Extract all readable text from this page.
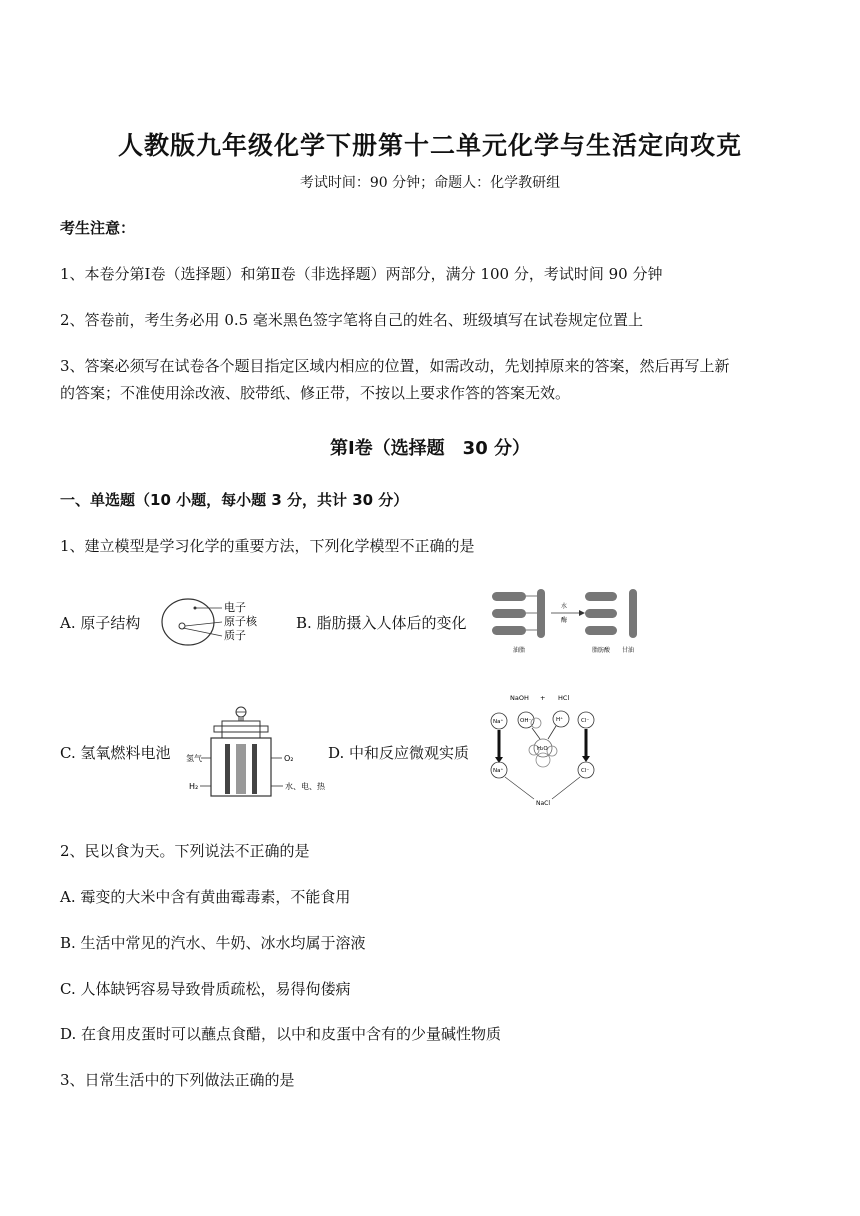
人教版九年级化学下册第十二单元化学与生活定向攻克
考试时间：90 分钟；命题人：化学教研组
考生注意：
1、本卷分第Ⅰ卷（选择题）和第Ⅱ卷（非选择题）两部分，满分 100 分，考试时间 90 分钟
2、答卷前，考生务必用 0.5 毫米黑色签字笔将自己的姓名、班级填写在试卷规定位置上
3、答案必须写在试卷各个题目指定区域内相应的位置，如需改动，先划掉原来的答案，然后再写上新
的答案；不准使用涂改液、胶带纸、修正带，不按以上要求作答的答案无效。
第Ⅰ卷（选择题　30 分）
一、单选题（10 小题，每小题 3 分，共计 30 分）
1、建立模型是学习化学的重要方法，下列化学模型不正确的是
A. 原子结构
电子
原子核
质子
B. 脂肪摄入人体后的变化
水
酶
油脂	脂肪酸 甘油
C. 氢氧燃料电池 氢气	O₂
H₂	水、电、热
D. 中和反应微观实质
NaOH + HCl
Na⁺	OH⁻	H⁺	Cl⁻
H₂O
Na⁺	Cl⁻
NaCl
2、民以食为天。下列说法不正确的是
A. 霉变的大米中含有黄曲霉毒素，不能食用
B. 生活中常见的汽水、牛奶、冰水均属于溶液
C. 人体缺钙容易导致骨质疏松，易得佝偻病
D. 在食用皮蛋时可以蘸点食醋，以中和皮蛋中含有的少量碱性物质
3、日常生活中的下列做法正确的是
